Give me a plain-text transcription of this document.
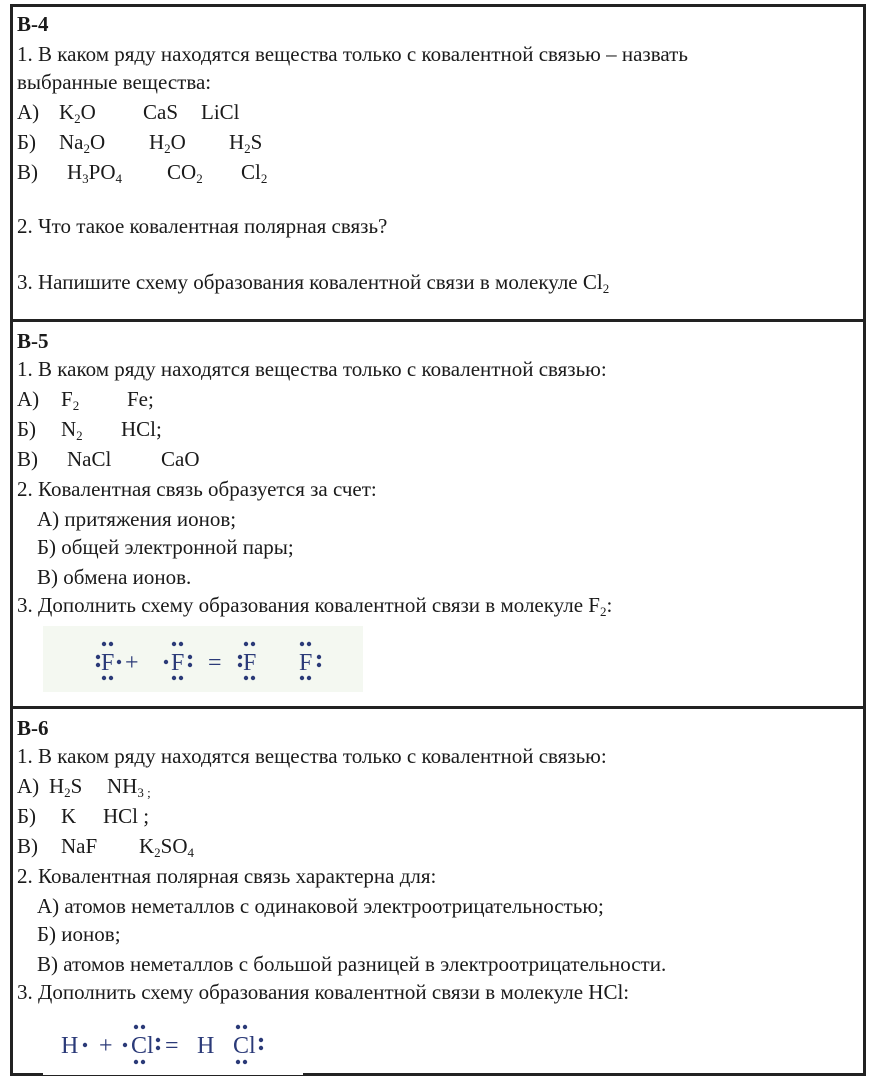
В-4
1. В каком ряду находятся вещества только с ковалентной связью – назвать
выбранные вещества:
А) $K_2O$ CaS LiCl
Б) $Na_2O$ $H_2O$ $H_2S$
В) $H_3PO_4$ $CO_2$ $Cl_2$
2. Что такое ковалентная полярная связь?
3. Напишите схему образования ковалентной связи в молекуле $Cl_2$
В-5
1. В каком ряду находятся вещества только с ковалентной связью:
А) $F_2$ Fe;
Б) $N_2$ HCl;
В) NaCl CaO
2. Ковалентная связь образуется за счет:
А) притяжения ионов;
Б) общей электронной пары;
В) обмена ионов.
3. Дополнить схему образования ковалентной связи в молекуле $F_2$:
F + F = F F
В-6
1. В каком ряду находятся вещества только с ковалентной связью:
А) $H_2S$ $NH_{3 ;}$
Б) K HCl ;
В) NaF $K_2SO_4$
2. Ковалентная полярная связь характерна для:
А) атомов неметаллов с одинаковой электроотрицательностью;
Б) ионов;
В) атомов неметаллов с большой разницей в электроотрицательности.
3. Дополнить схему образования ковалентной связи в молекуле HCl:
H + Cl = H Cl
